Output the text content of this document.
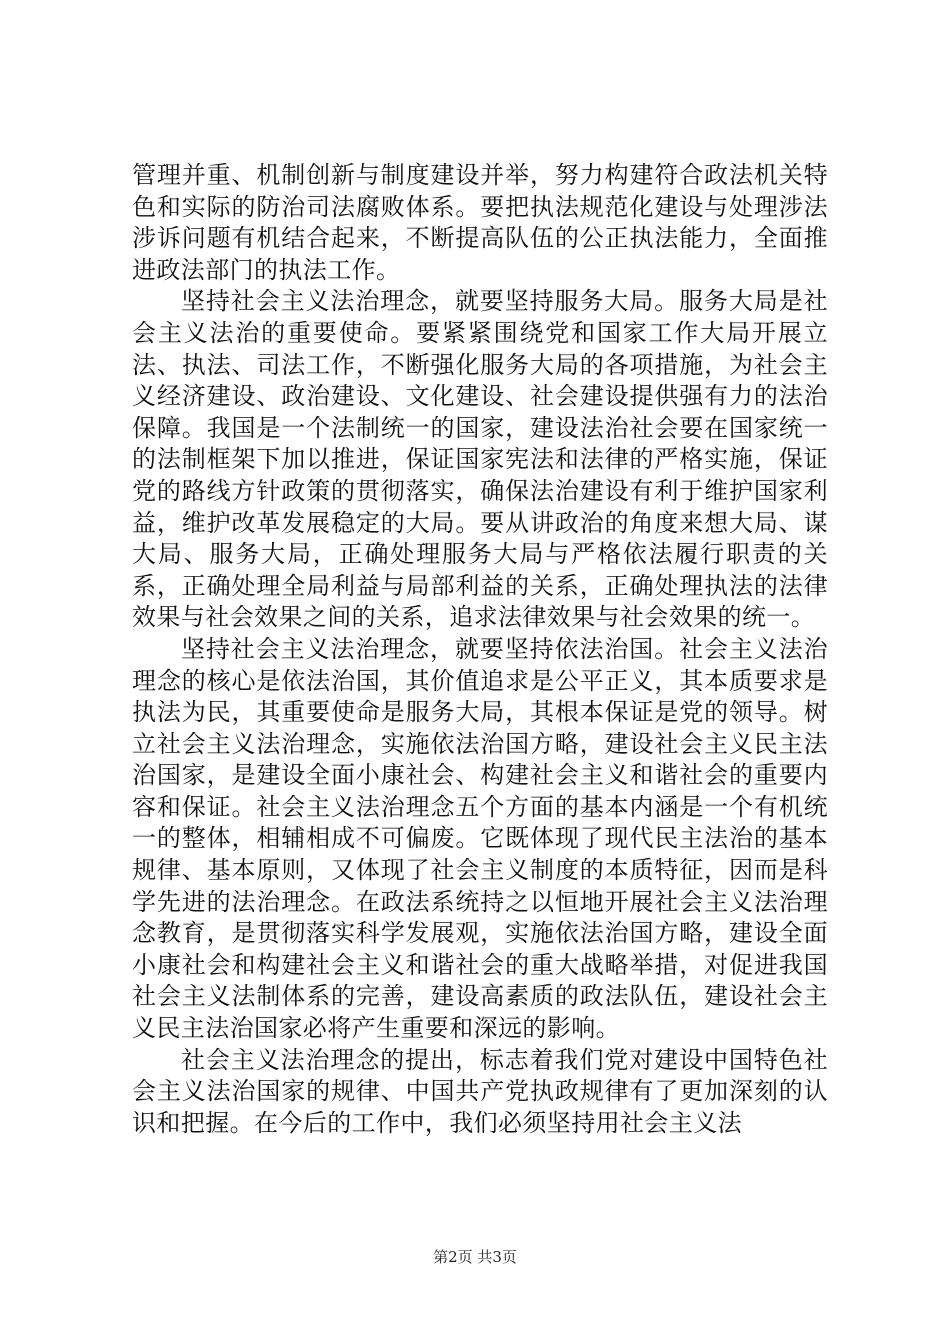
管理并重、机制创新与制度建设并举，努力构建符合政法机关特色和实际的防治司法腐败体系。要把执法规范化建设与处理涉法涉诉问题有机结合起来，不断提高队伍的公正执法能力，全面推进政法部门的执法工作。

坚持社会主义法治理念，就要坚持服务大局。服务大局是社会主义法治的重要使命。要紧紧围绕党和国家工作大局开展立法、执法、司法工作，不断强化服务大局的各项措施，为社会主义经济建设、政治建设、文化建设、社会建设提供强有力的法治保障。我国是一个法制统一的国家，建设法治社会要在国家统一的法制框架下加以推进，保证国家宪法和法律的严格实施，保证党的路线方针政策的贯彻落实，确保法治建设有利于维护国家利益，维护改革发展稳定的大局。要从讲政治的角度来想大局、谋大局、服务大局，正确处理服务大局与严格依法履行职责的关系，正确处理全局利益与局部利益的关系，正确处理执法的法律效果与社会效果之间的关系，追求法律效果与社会效果的统一。

坚持社会主义法治理念，就要坚持依法治国。社会主义法治理念的核心是依法治国，其价值追求是公平正义，其本质要求是执法为民，其重要使命是服务大局，其根本保证是党的领导。树立社会主义法治理念，实施依法治国方略，建设社会主义民主法治国家，是建设全面小康社会、构建社会主义和谐社会的重要内容和保证。社会主义法治理念五个方面的基本内涵是一个有机统一的整体，相辅相成不可偏废。它既体现了现代民主法治的基本规律、基本原则，又体现了社会主义制度的本质特征，因而是科学先进的法治理念。在政法系统持之以恒地开展社会主义法治理念教育，是贯彻落实科学发展观，实施依法治国方略，建设全面小康社会和构建社会主义和谐社会的重大战略举措，对促进我国社会主义法制体系的完善，建设高素质的政法队伍，建设社会主义民主法治国家必将产生重要和深远的影响。

社会主义法治理念的提出，标志着我们党对建设中国特色社会主义法治国家的规律、中国共产党执政规律有了更加深刻的认识和把握。在今后的工作中，我们必须坚持用社会主义法

第2页 共3页
